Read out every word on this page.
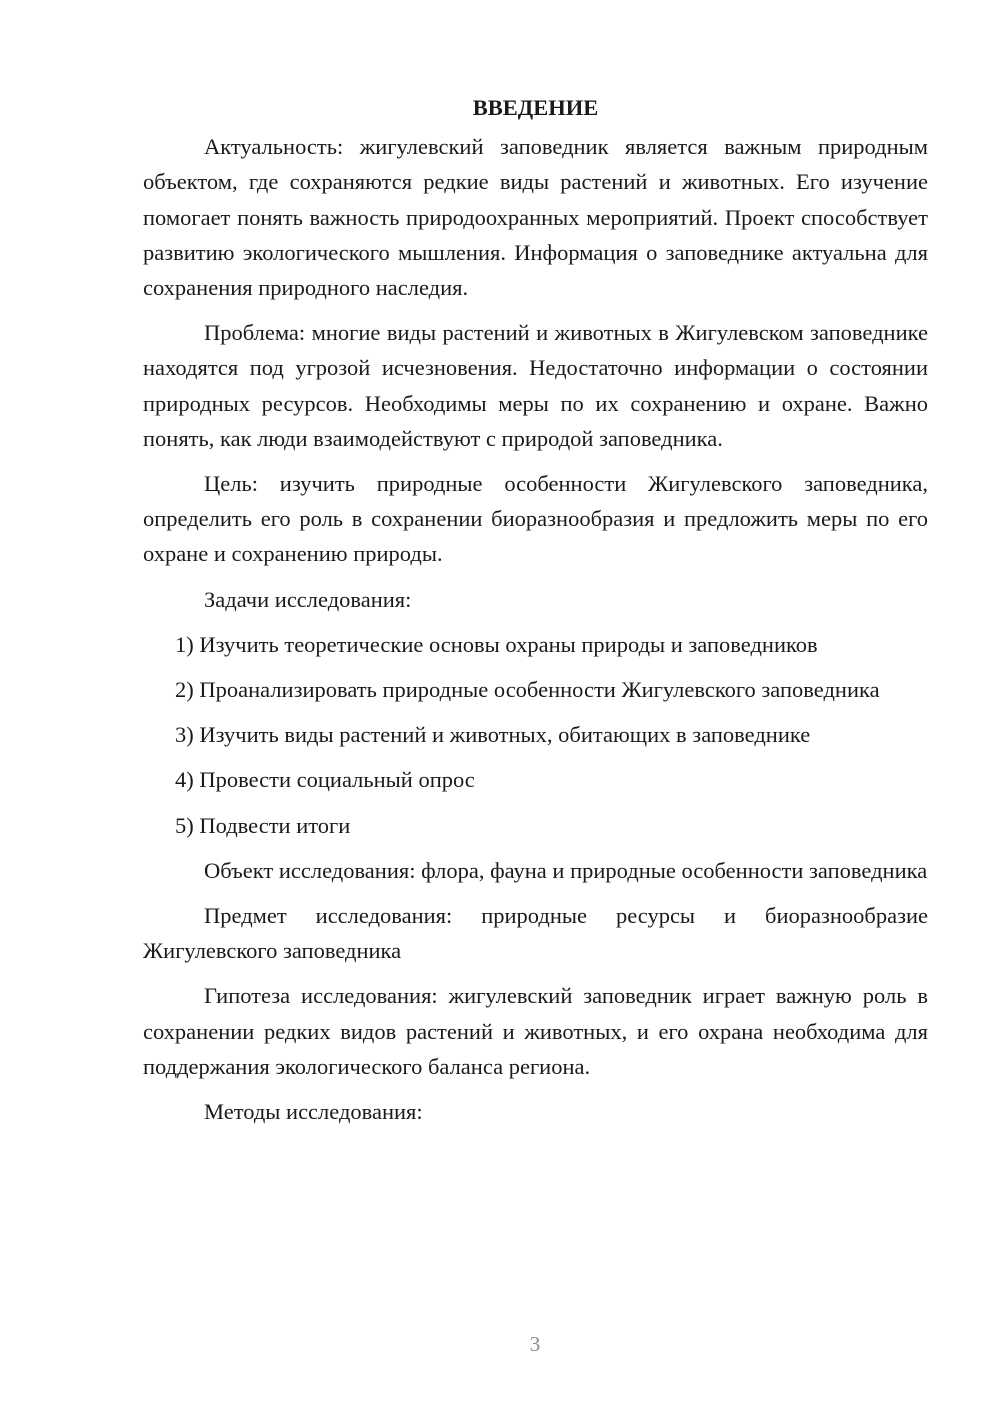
ВВЕДЕНИЕ

Актуальность: жигулевский заповедник является важным природным объектом, где сохраняются редкие виды растений и животных. Его изучение помогает понять важность природоохранных мероприятий. Проект способствует развитию экологического мышления. Информация о заповеднике актуальна для сохранения природного наследия.

Проблема: многие виды растений и животных в Жигулевском заповеднике находятся под угрозой исчезновения. Недостаточно информации о состоянии природных ресурсов. Необходимы меры по их сохранению и охране. Важно понять, как люди взаимодействуют с природой заповедника.

Цель: изучить природные особенности Жигулевского заповедника, определить его роль в сохранении биоразнообразия и предложить меры по его охране и сохранению природы.

Задачи исследования:

1) Изучить теоретические основы охраны природы и заповедников

2) Проанализировать природные особенности Жигулевского заповедника

3) Изучить виды растений и животных, обитающих в заповеднике

4) Провести социальный опрос

5) Подвести итоги

Объект исследования: флора, фауна и природные особенности заповедника

Предмет исследования: природные ресурсы и биоразнообразие Жигулевского заповедника

Гипотеза исследования: жигулевский заповедник играет важную роль в сохранении редких видов растений и животных, и его охрана необходима для поддержания экологического баланса региона.

Методы исследования:

3
